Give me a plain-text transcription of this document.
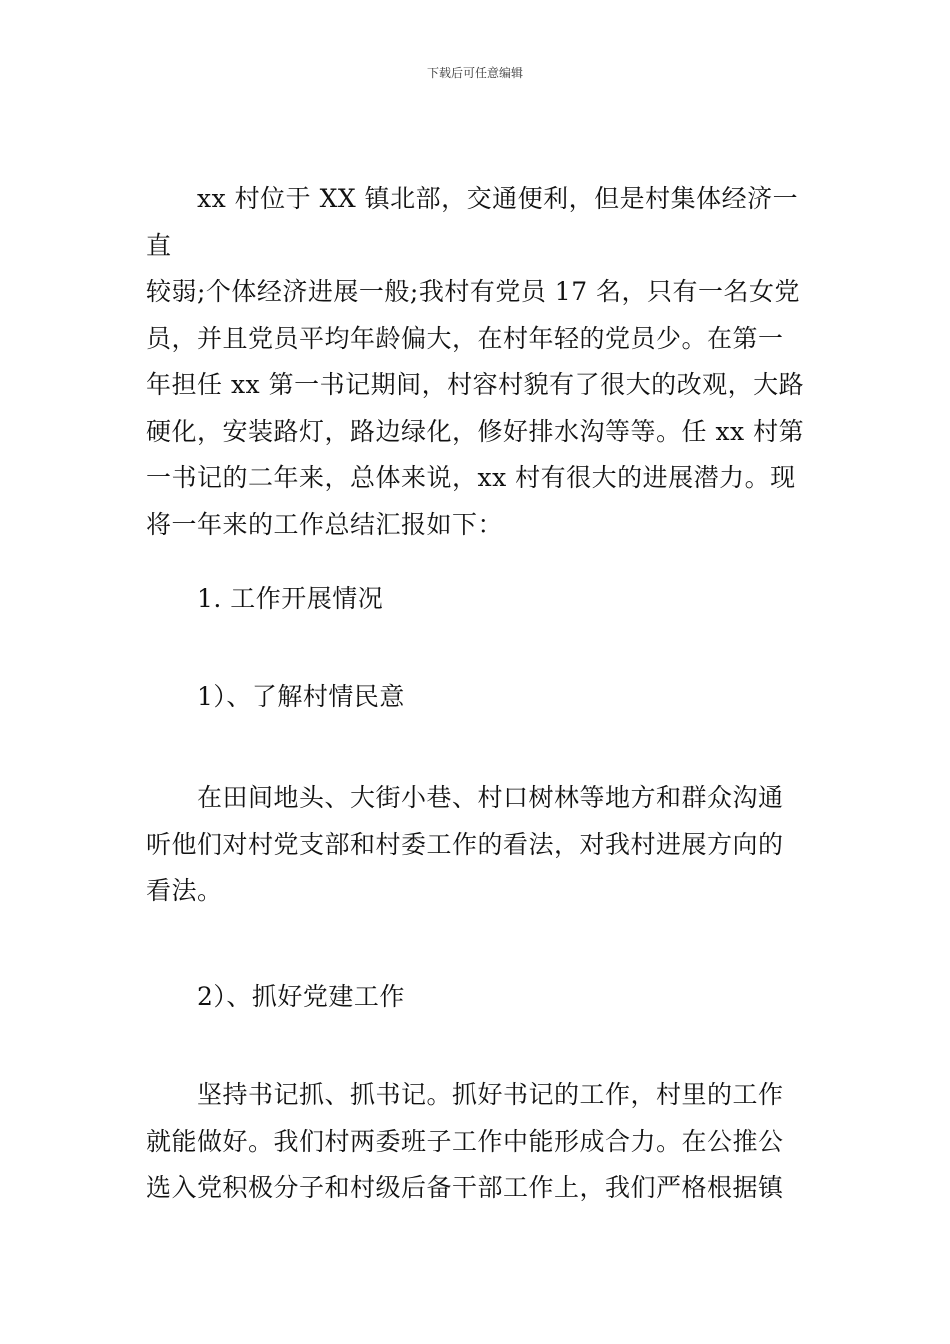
下载后可任意编辑
　　xx 村位于 XX 镇北部，交通便利，但是村集体经济一直
较弱;个体经济进展一般;我村有党员 17 名，只有一名女党
员，并且党员平均年龄偏大，在村年轻的党员少。在第一
年担任 xx 第一书记期间，村容村貌有了很大的改观，大路
硬化，安装路灯，路边绿化，修好排水沟等等。任 xx 村第
一书记的二年来，总体来说，xx 村有很大的进展潜力。现
将一年来的工作总结汇报如下：
　　1. 工作开展情况
　　1）、了解村情民意
　　在田间地头、大街小巷、村口树林等地方和群众沟通
听他们对村党支部和村委工作的看法，对我村进展方向的
看法。
　　2）、抓好党建工作
　　坚持书记抓、抓书记。抓好书记的工作，村里的工作
就能做好。我们村两委班子工作中能形成合力。在公推公
选入党积极分子和村级后备干部工作上，我们严格根据镇
